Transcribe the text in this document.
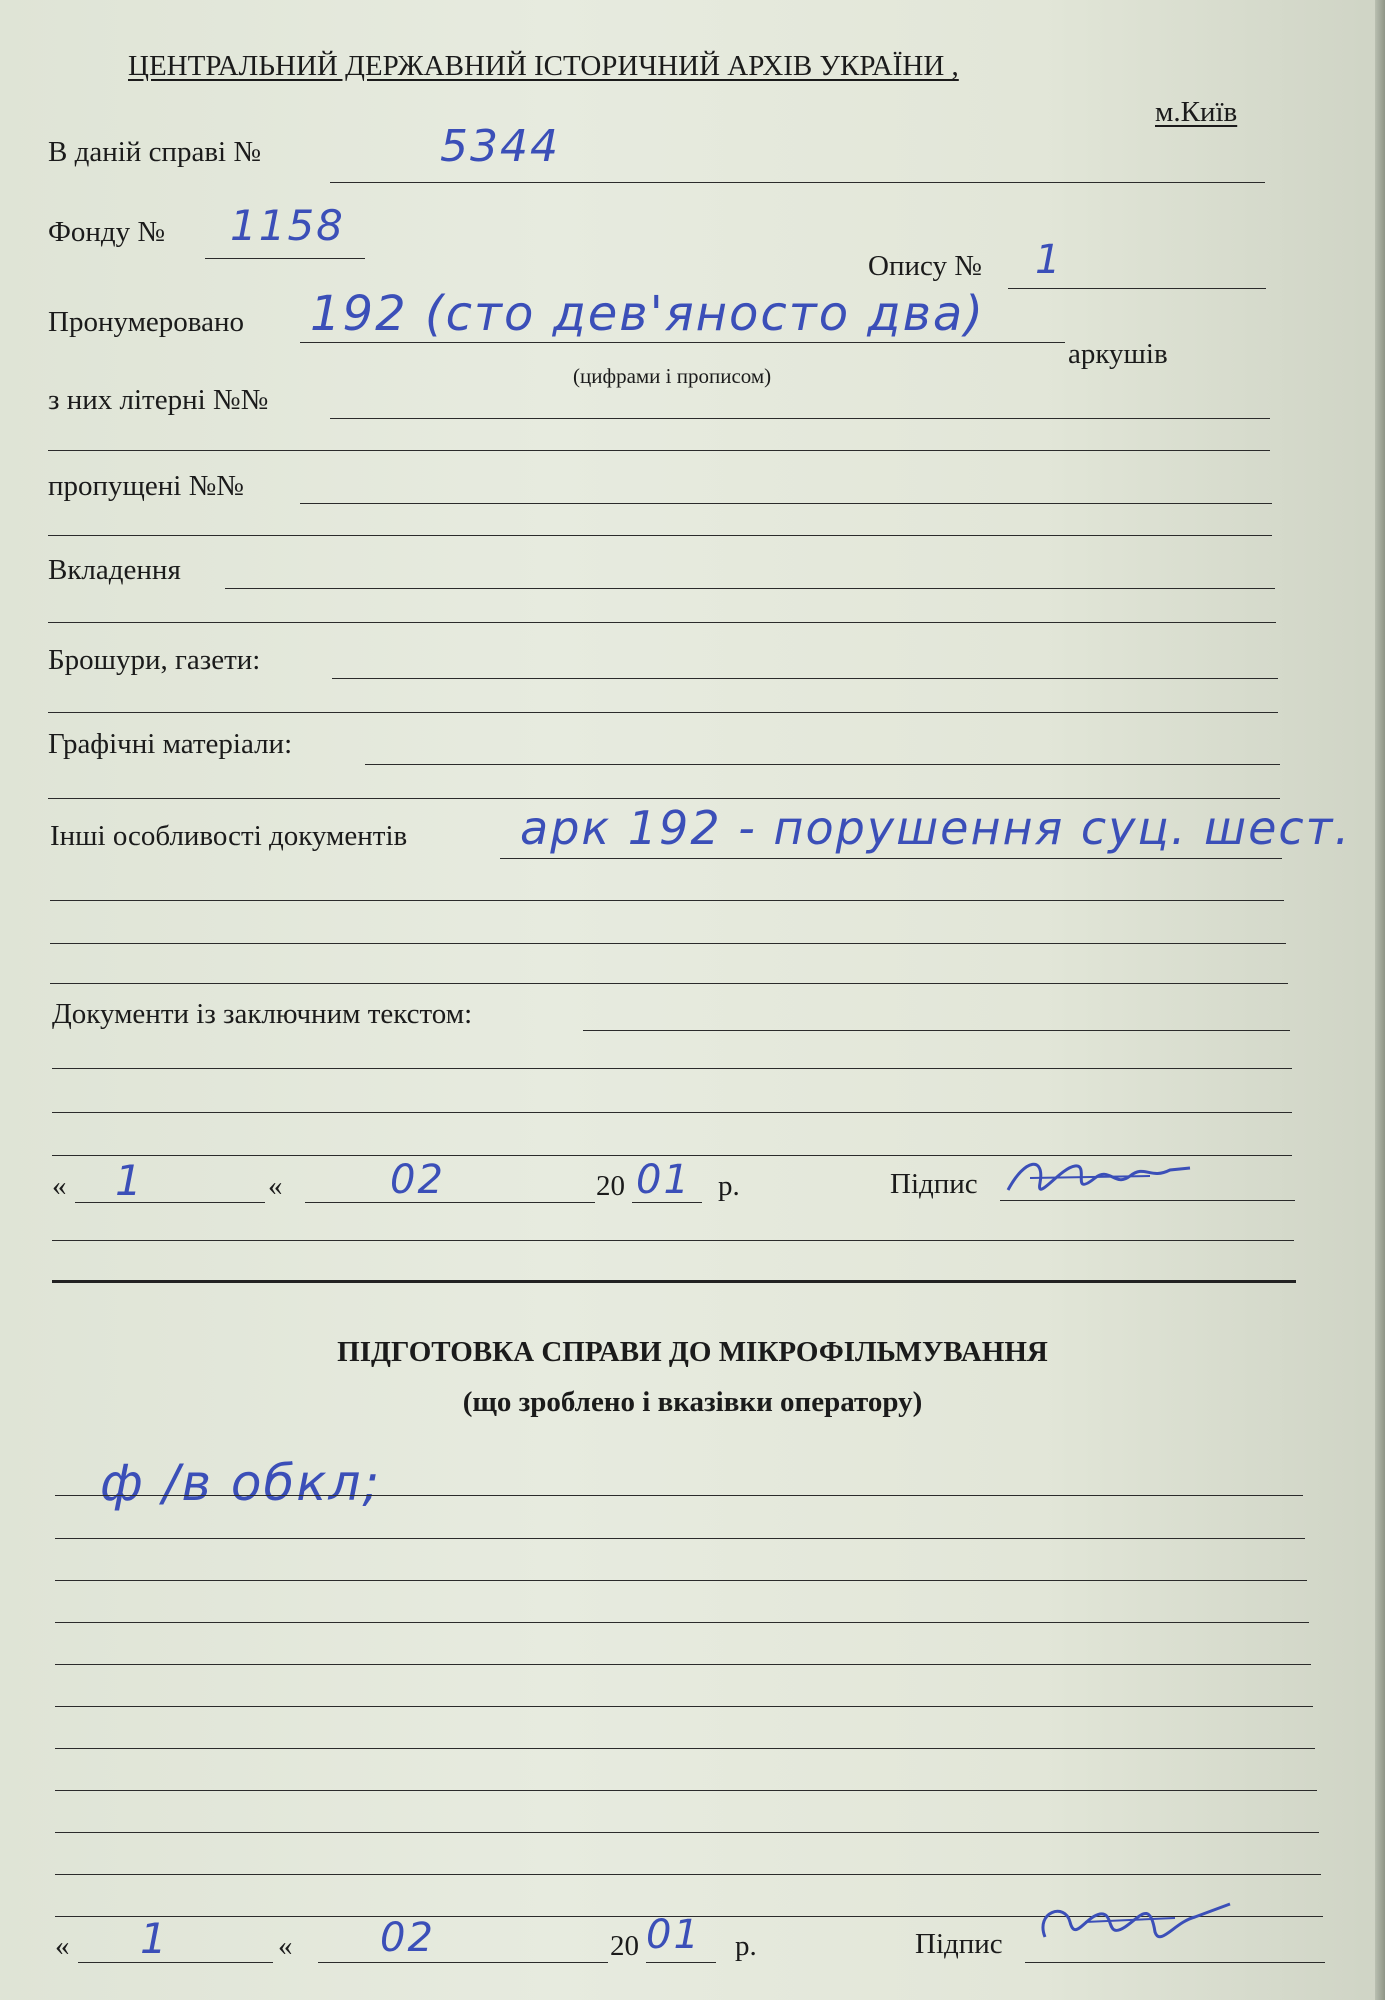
ЦЕНТРАЛЬНИЙ ДЕРЖАВНИЙ ІСТОРИЧНИЙ АРХІВ УКРАЇНИ ,
м.Київ
В даній справі №	5344
Фонду № 1158
Опису № 1
Пронумеровано 192 (сто дев'яносто два)
аркушів
(цифрами і прописом)
з них літерні №№
пропущені №№
Вкладення
Брошури, газети:
Графічні матеріали:
Інші особливості документів арк 192 - порушення суц. шест.
Документи із заключним текстом:
« 1	«	02	20 01 р.	Підпис
ПІДГОТОВКА СПРАВИ ДО МІКРОФІЛЬМУВАННЯ
(що зроблено і вказівки оператору)
ф /в обкл;
« 1	« 02	20 01 р.	Підпис
